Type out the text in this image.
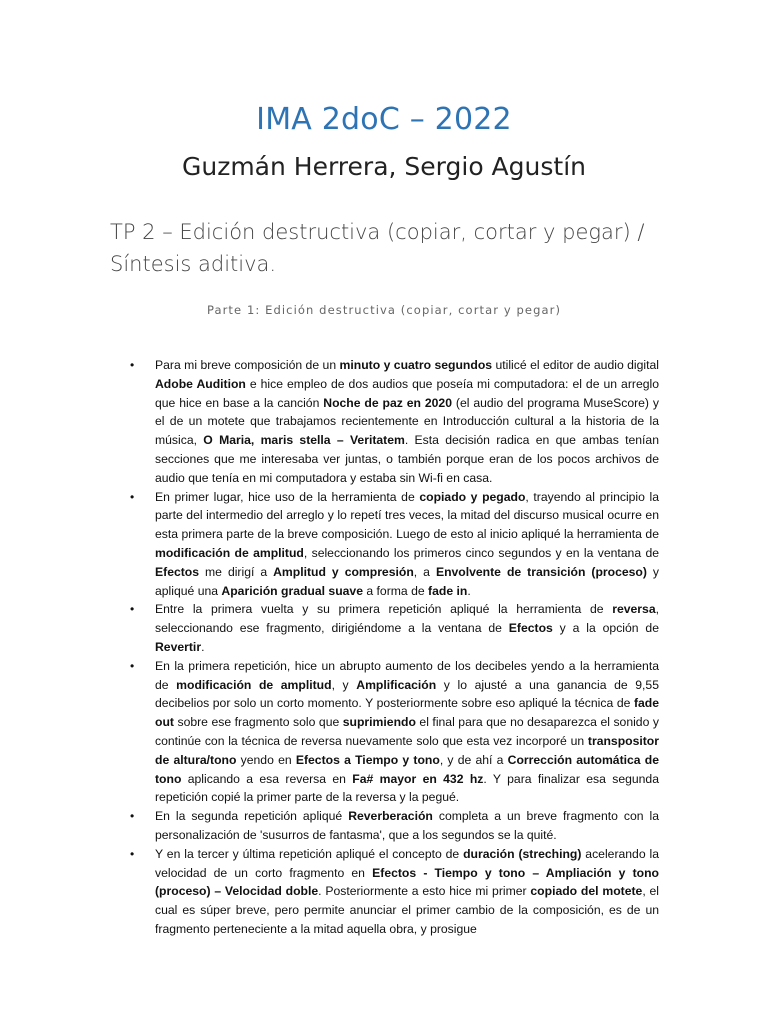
IMA 2doC – 2022
Guzmán Herrera, Sergio Agustín
TP 2 – Edición destructiva (copiar, cortar y pegar) / Síntesis aditiva.
Parte 1: Edición destructiva (copiar, cortar y pegar)
• Para mi breve composición de un minuto y cuatro segundos utilicé el editor de audio digital Adobe Audition e hice empleo de dos audios que poseía mi computadora: el de un arreglo que hice en base a la canción Noche de paz en 2020 (el audio del programa MuseScore) y el de un motete que trabajamos recientemente en Introducción cultural a la historia de la música, O Maria, maris stella – Veritatem. Esta decisión radica en que ambas tenían secciones que me interesaba ver juntas, o también porque eran de los pocos archivos de audio que tenía en mi computadora y estaba sin Wi-fi en casa.
• En primer lugar, hice uso de la herramienta de copiado y pegado, trayendo al principio la parte del intermedio del arreglo y lo repetí tres veces, la mitad del discurso musical ocurre en esta primera parte de la breve composición. Luego de esto al inicio apliqué la herramienta de modificación de amplitud, seleccionando los primeros cinco segundos y en la ventana de Efectos me dirigí a Amplitud y compresión, a Envolvente de transición (proceso) y apliqué una Aparición gradual suave a forma de fade in.
• Entre la primera vuelta y su primera repetición apliqué la herramienta de reversa, seleccionando ese fragmento, dirigiéndome a la ventana de Efectos y a la opción de Revertir.
• En la primera repetición, hice un abrupto aumento de los decibeles yendo a la herramienta de modificación de amplitud, y Amplificación y lo ajusté a una ganancia de 9,55 decibelios por solo un corto momento. Y posteriormente sobre eso apliqué la técnica de fade out sobre ese fragmento solo que suprimiendo el final para que no desaparezca el sonido y continúe con la técnica de reversa nuevamente solo que esta vez incorporé un transpositor de altura/tono yendo en Efectos a Tiempo y tono, y de ahí a Corrección automática de tono aplicando a esa reversa en Fa# mayor en 432 hz. Y para finalizar esa segunda repetición copié la primer parte de la reversa y la pegué.
• En la segunda repetición apliqué Reverberación completa a un breve fragmento con la personalización de 'susurros de fantasma', que a los segundos se la quité.
• Y en la tercer y última repetición apliqué el concepto de duración (streching) acelerando la velocidad de un corto fragmento en Efectos - Tiempo y tono – Ampliación y tono (proceso) – Velocidad doble. Posteriormente a esto hice mi primer copiado del motete, el cual es súper breve, pero permite anunciar el primer cambio de la composición, es de un fragmento perteneciente a la mitad aquella obra, y prosigue
